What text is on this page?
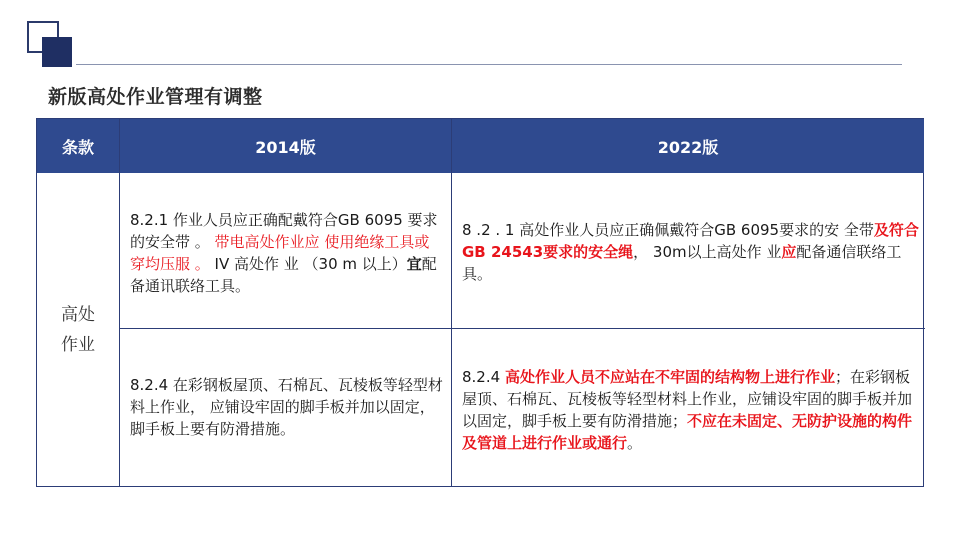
新版高处作业管理有调整
条款	2014版	2022版
高处作业
8.2.1 作业人员应正确配戴符合GB 6095 要求的安全带 。 带电高处作业应 使用绝缘工具或穿均压服 。 IV 高处作 业 （30 m 以上）宜配备通讯联络工具。
8 .2 . 1 高处作业人员应正确佩戴符合GB 6095要求的安 全带及符合GB 24543要求的安全绳， 30m以上高处作 业应配备通信联络工具。
8.2.4 在彩钢板屋顶、石棉瓦、瓦棱板等轻型材料上作业， 应铺设牢固的脚手板并加以固定， 脚手板上要有防滑措施。
8.2.4 高处作业人员不应站在不牢固的结构物上进行作业；在彩钢板屋顶、石棉瓦、瓦棱板等轻型材料上作业，应铺设牢固的脚手板并加以固定，脚手板上要有防滑措施；不应在未固定、无防护设施的构件及管道上进行作业或通行。
